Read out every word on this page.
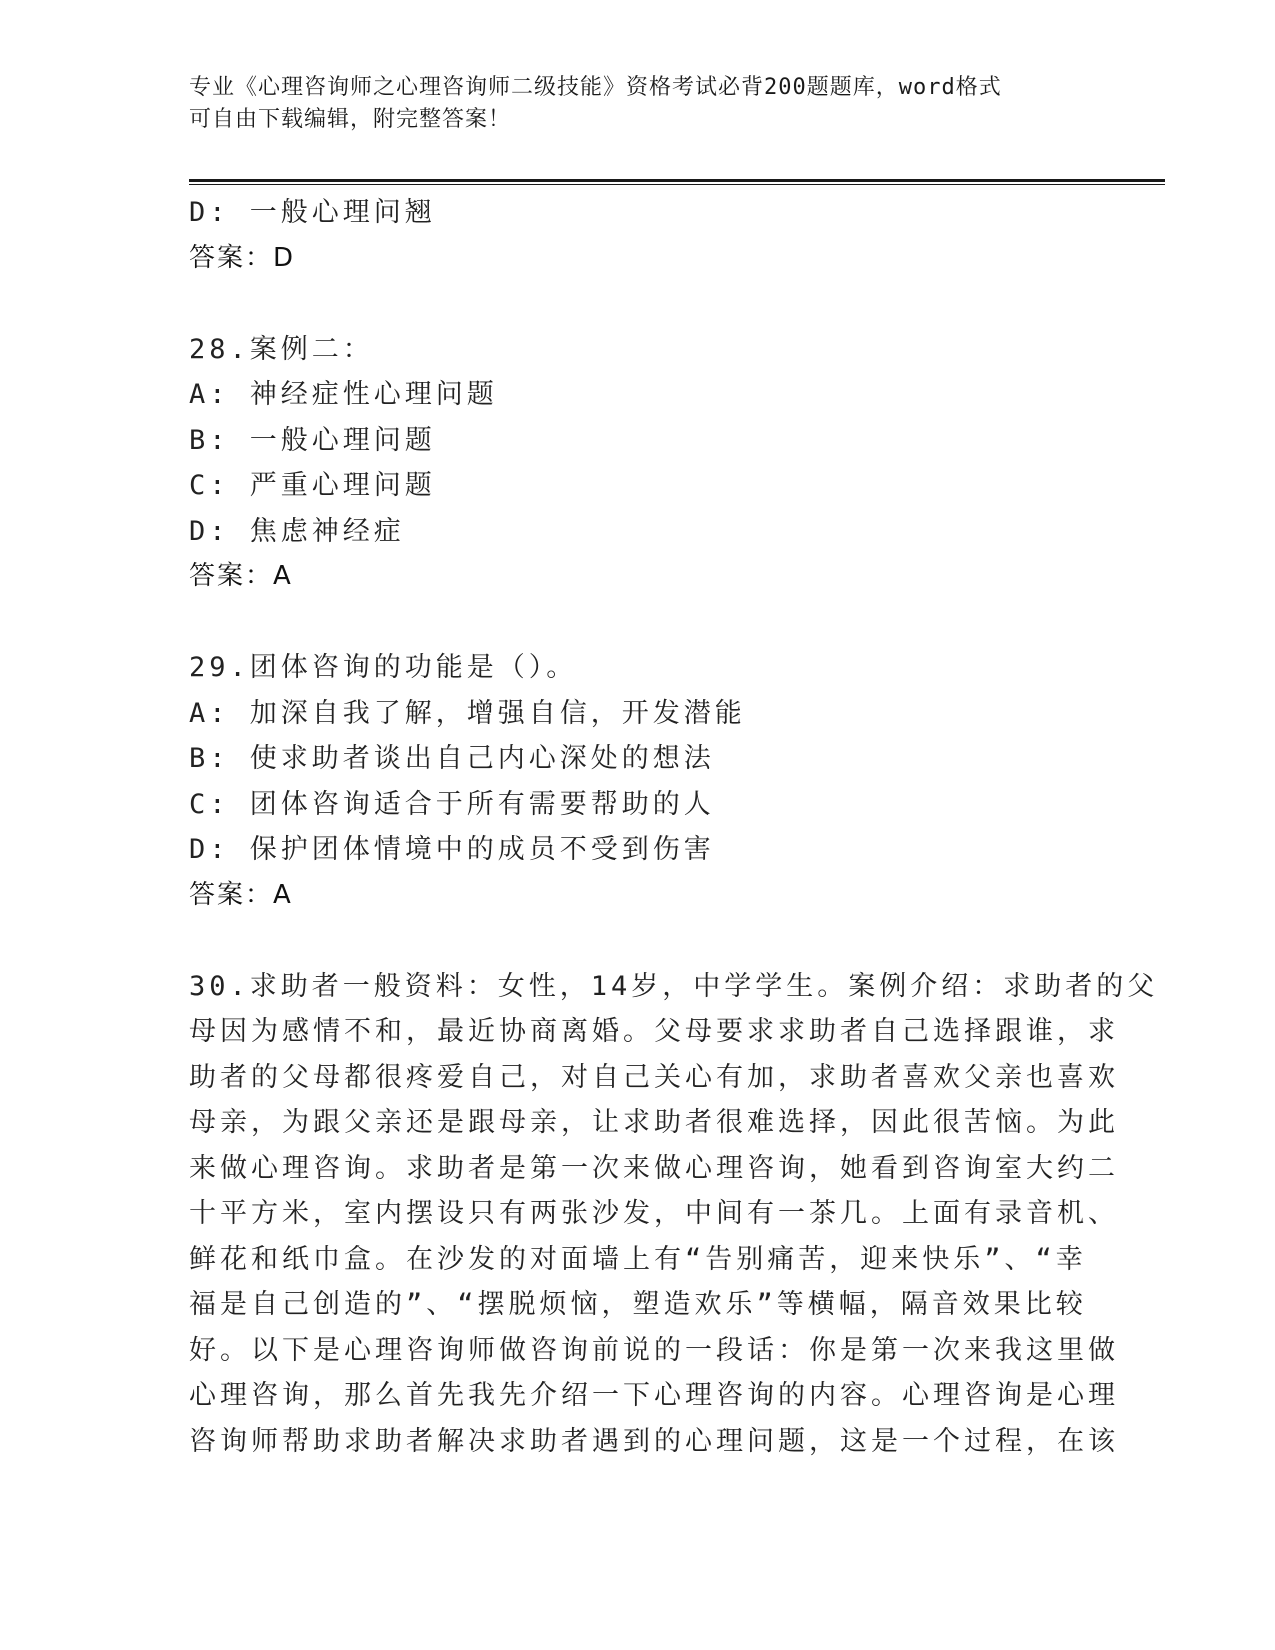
专业《心理咨询师之心理咨询师二级技能》资格考试必背200题题库，word格式
可自由下载编辑，附完整答案！
D: 一般心理问翘
答案：D
28.案例二：
A: 神经症性心理问题
B: 一般心理问题
C: 严重心理问题
D: 焦虑神经症
答案：A
29.团体咨询的功能是（）。
A: 加深自我了解，增强自信，开发潜能
B: 使求助者谈出自己内心深处的想法
C: 团体咨询适合于所有需要帮助的人
D: 保护团体情境中的成员不受到伤害
答案：A
30.求助者一般资料：女性，14岁，中学学生。案例介绍：求助者的父
母因为感情不和，最近协商离婚。父母要求求助者自己选择跟谁，求
助者的父母都很疼爱自己，对自己关心有加，求助者喜欢父亲也喜欢
母亲，为跟父亲还是跟母亲，让求助者很难选择，因此很苦恼。为此
来做心理咨询。求助者是第一次来做心理咨询，她看到咨询室大约二
十平方米，室内摆设只有两张沙发，中间有一茶几。上面有录音机、
鲜花和纸巾盒。在沙发的对面墙上有“告别痛苦，迎来快乐”、“幸
福是自己创造的”、“摆脱烦恼，塑造欢乐”等横幅，隔音效果比较
好。以下是心理咨询师做咨询前说的一段话：你是第一次来我这里做
心理咨询，那么首先我先介绍一下心理咨询的内容。心理咨询是心理
咨询师帮助求助者解决求助者遇到的心理问题，这是一个过程，在该
